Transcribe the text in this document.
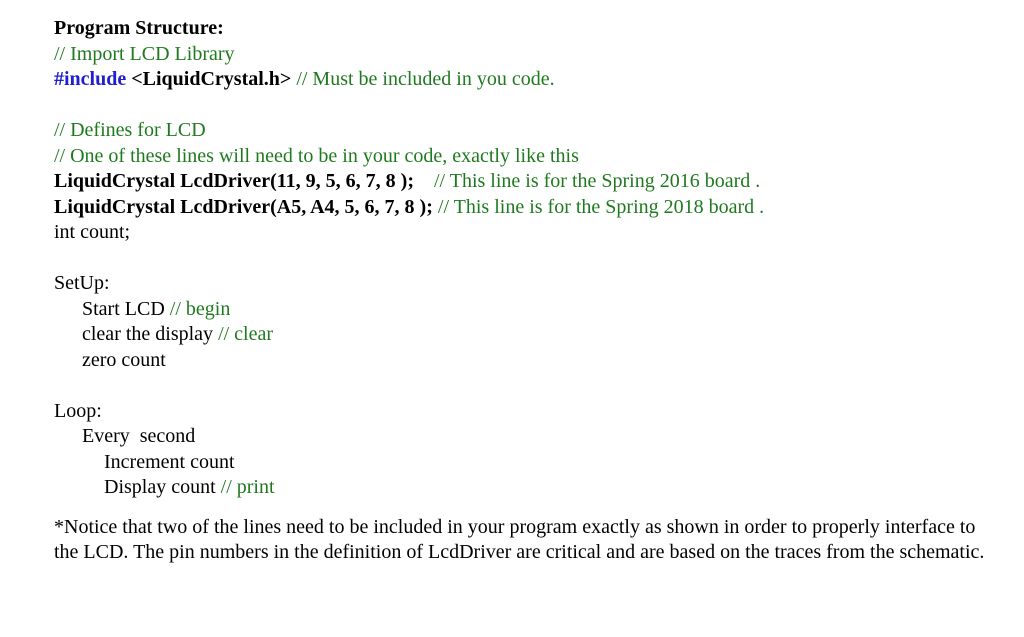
Program Structure:
// Import LCD Library
#include <LiquidCrystal.h> // Must be included in you code.
// Defines for LCD
// One of these lines will need to be in your code, exactly like this
LiquidCrystal LcdDriver(11, 9, 5, 6, 7, 8 ); // This line is for the Spring 2016 board .
LiquidCrystal LcdDriver(A5, A4, 5, 6, 7, 8 ); // This line is for the Spring 2018 board .
int count;
SetUp:
Start LCD // begin
clear the display // clear
zero count
Loop:
Every  second
Increment count
Display count // print
*Notice that two of the lines need to be included in your program exactly as shown in order to properly interface to the LCD. The pin numbers in the definition of LcdDriver are critical and are based on the traces from the schematic.
